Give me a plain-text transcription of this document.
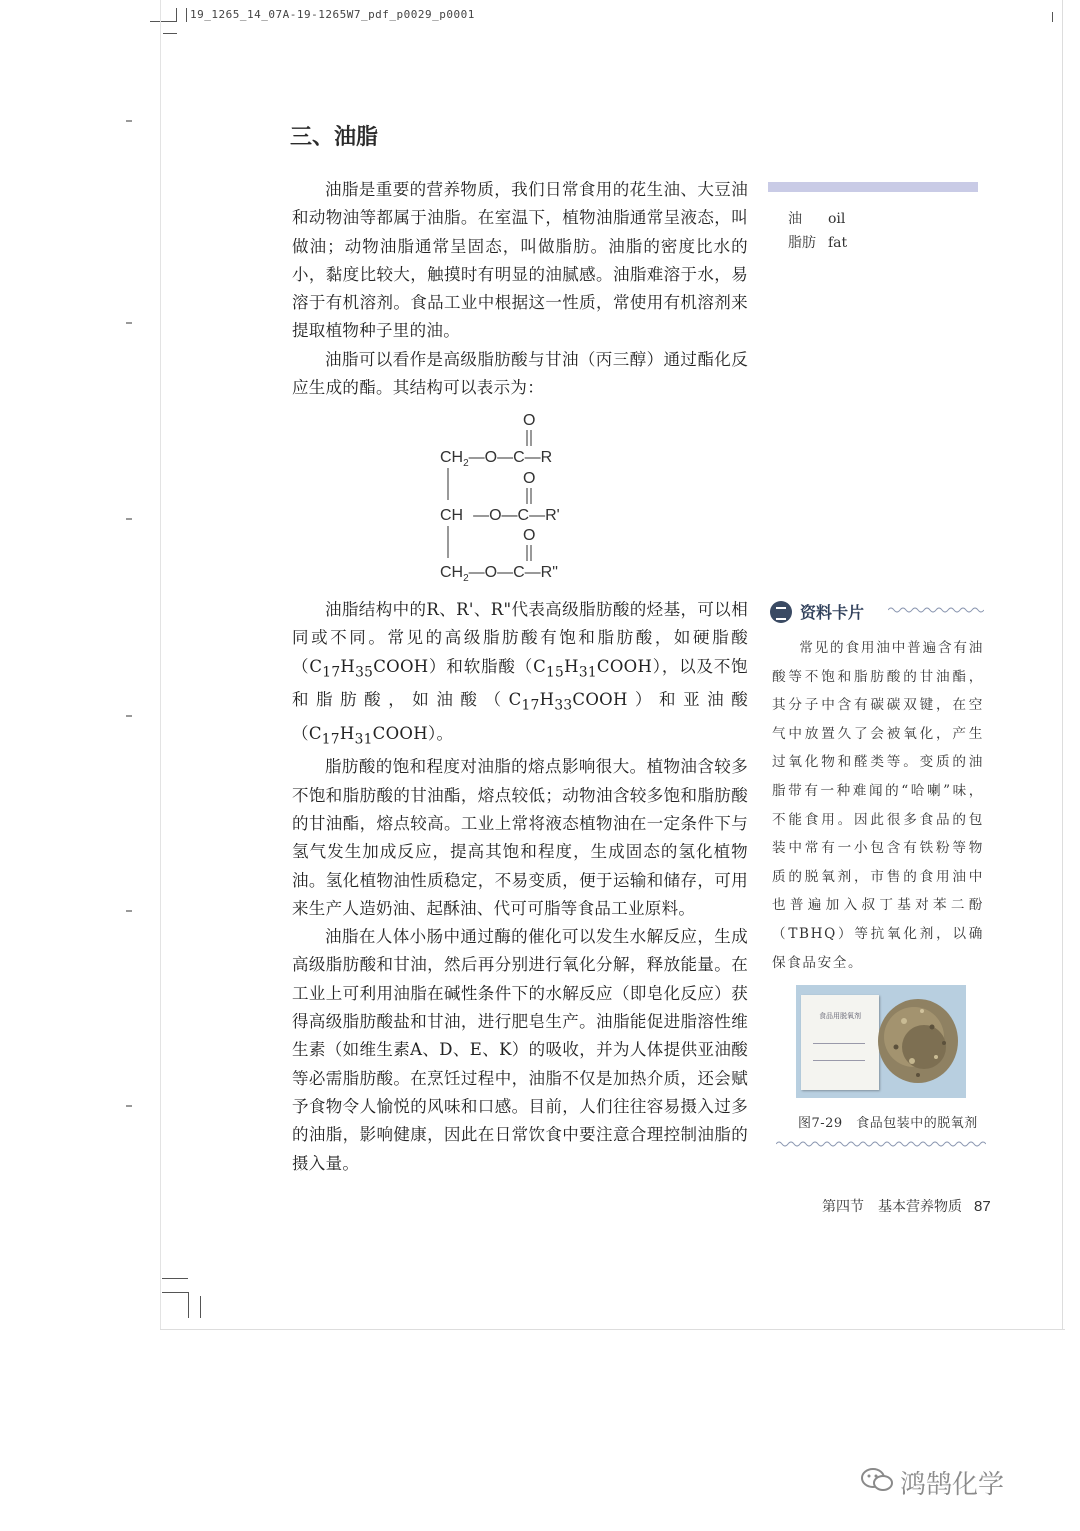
19_1265_14_07A-19-1265W7_pdf_p0029_p0001
三、油脂
油 oil
脂肪 fat

油脂是重要的营养物质，我们日常食用的花生油、大豆油和动物油等都属于油脂。在室温下，植物油脂通常呈液态，叫做油；动物油脂通常呈固态，叫做脂肪。油脂的密度比水的小，黏度比较大，触摸时有明显的油腻感。油脂难溶于水，易溶于有机溶剂。食品工业中根据这一性质，常使用有机溶剂来提取植物种子里的油。

油脂可以看作是高级脂肪酸与甘油（丙三醇）通过酯化反应生成的酯。其结构可以表示为：

O
$CH_2—O—C—R$
O
CH —O—C—R'
O
$CH_2—O—C—R$"

油脂结构中的R、R'、R"代表高级脂肪酸的烃基，可以相同或不同。常见的高级脂肪酸有饱和脂肪酸，如硬脂酸$(C_{17}H_{35}COOH)$和软脂酸$(C_{15}H_{31}COOH)$，以及不饱和脂肪酸，如油酸$(C_{17}H_{33}COOH)$和亚油酸$(C_{17}H_{31}COOH)$。

脂肪酸的饱和程度对油脂的熔点影响很大。植物油含较多不饱和脂肪酸的甘油酯，熔点较低；动物油含较多饱和脂肪酸的甘油酯，熔点较高。工业上常将液态植物油在一定条件下与氢气发生加成反应，提高其饱和程度，生成固态的氢化植物油。氢化植物油性质稳定，不易变质，便于运输和储存，可用来生产人造奶油、起酥油、代可可脂等食品工业原料。

油脂在人体小肠中通过酶的催化可以发生水解反应，生成高级脂肪酸和甘油，然后再分别进行氧化分解，释放能量。在工业上可利用油脂在碱性条件下的水解反应（即皂化反应）获得高级脂肪酸盐和甘油，进行肥皂生产。油脂能促进脂溶性维生素（如维生素A、D、E、K）的吸收，并为人体提供亚油酸等必需脂肪酸。在烹饪过程中，油脂不仅是加热介质，还会赋予食物令人愉悦的风味和口感。目前，人们往往容易摄入过多的油脂，影响健康，因此在日常饮食中要注意合理控制油脂的摄入量。

资料卡片

常见的食用油中普遍含有油酸等不饱和脂肪酸的甘油酯，其分子中含有碳碳双键，在空气中放置久了会被氧化，产生过氧化物和醛类等。变质的油脂带有一种难闻的“哈喇”味，不能食用。因此很多食品的包装中常有一小包含有铁粉等物质的脱氧剂，市售的食用油中也普遍加入叔丁基对苯二酚（TBHQ）等抗氧化剂，以确保食品安全。

食品用脱氧剂
图7-29　食品包装中的脱氧剂
第四节　基本营养物质 87
鸿鹄化学
